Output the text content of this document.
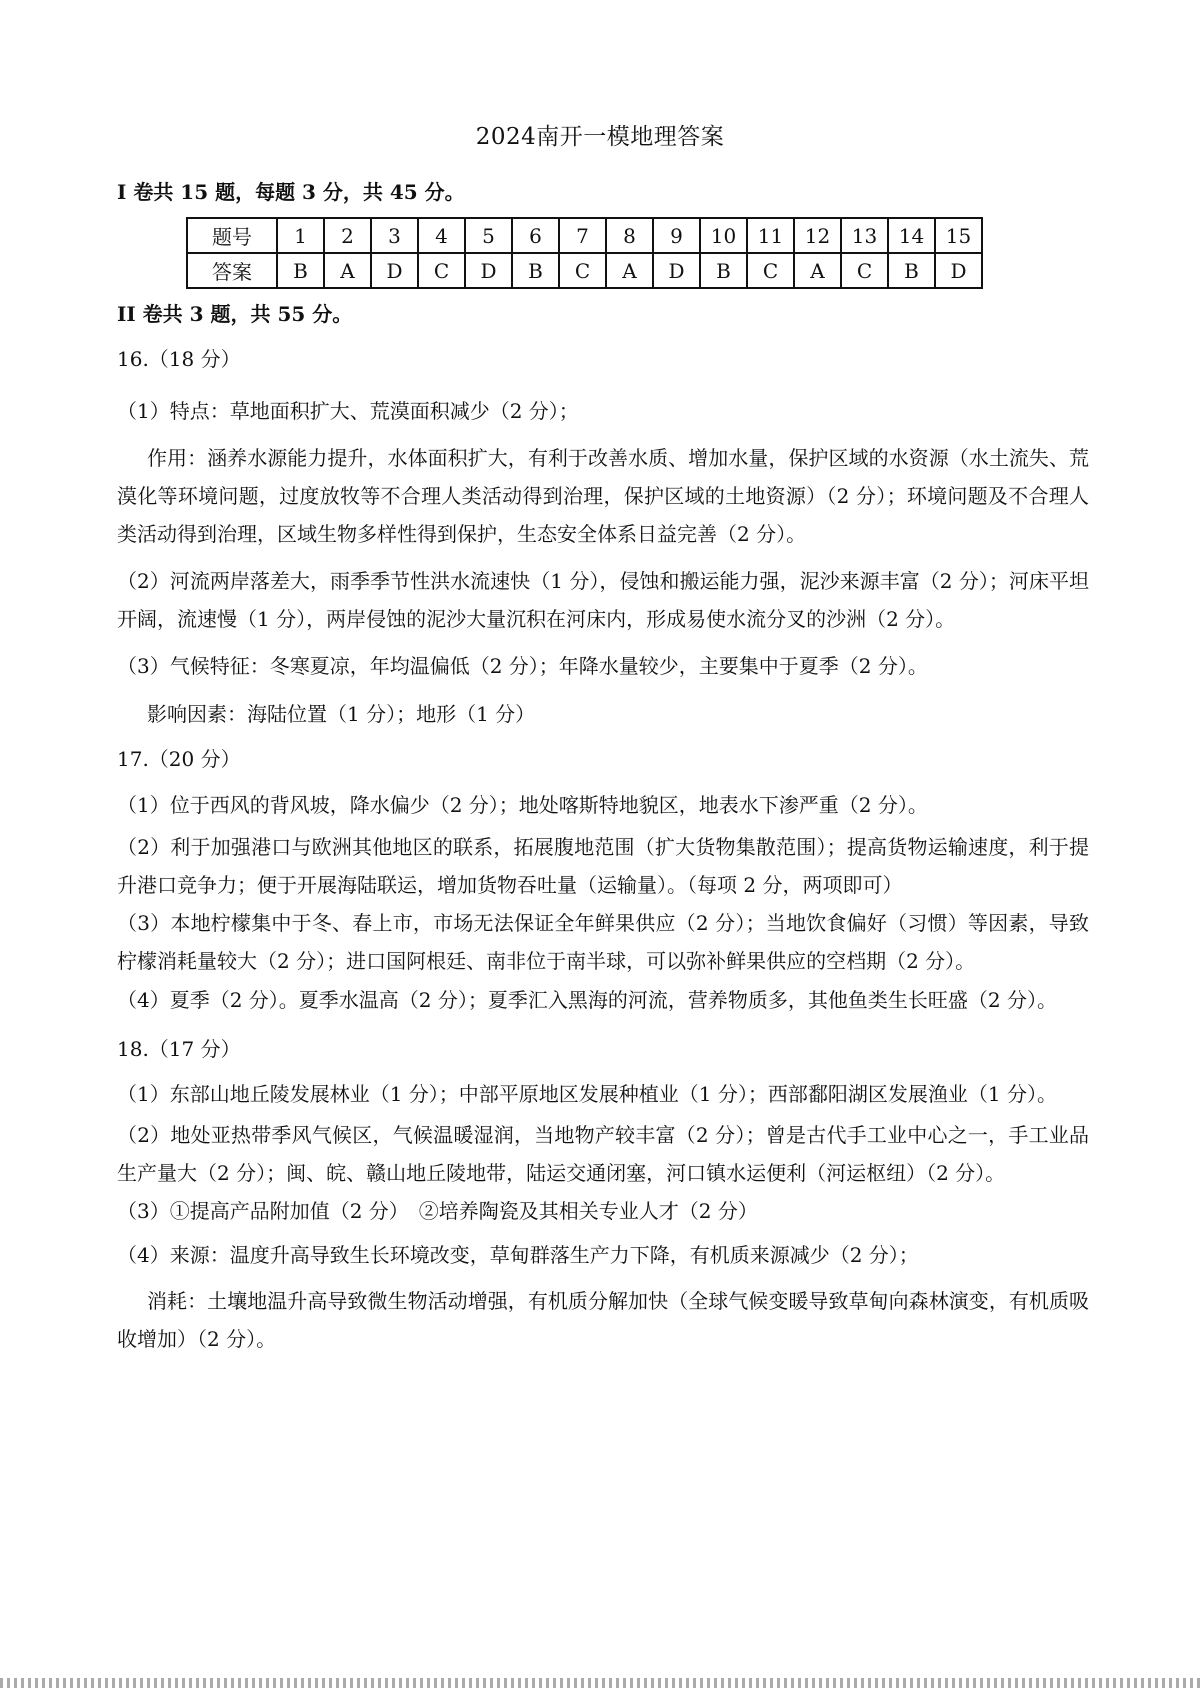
2024南开一模地理答案
I 卷共 15 题，每题 3 分，共 45 分。
题号	1	2	3	4	5	6	7	8	9	10	11	12	13	14	15
答案	B	A	D	C	D	B	C	A	D	B	C	A	C	B	D
II 卷共 3 题，共 55 分。
16.（18 分）
（1）特点：草地面积扩大、荒漠面积减少（2 分）；
作用：涵养水源能力提升，水体面积扩大，有利于改善水质、增加水量，保护区域的水资源（水土流失、荒漠化等环境问题，过度放牧等不合理人类活动得到治理，保护区域的土地资源）（2 分）；环境问题及不合理人类活动得到治理，区域生物多样性得到保护，生态安全体系日益完善（2 分）。
（2）河流两岸落差大，雨季季节性洪水流速快（1 分），侵蚀和搬运能力强，泥沙来源丰富（2 分）；河床平坦开阔，流速慢（1 分），两岸侵蚀的泥沙大量沉积在河床内，形成易使水流分叉的沙洲（2 分）。
（3）气候特征：冬寒夏凉，年均温偏低（2 分）；年降水量较少，主要集中于夏季（2 分）。
影响因素：海陆位置（1 分）；地形（1 分）
17.（20 分）
（1）位于西风的背风坡，降水偏少（2 分）；地处喀斯特地貌区，地表水下渗严重（2 分）。
（2）利于加强港口与欧洲其他地区的联系，拓展腹地范围（扩大货物集散范围）；提高货物运输速度，利于提升港口竞争力；便于开展海陆联运，增加货物吞吐量（运输量）。（每项 2 分，两项即可）
（3）本地柠檬集中于冬、春上市，市场无法保证全年鲜果供应（2 分）；当地饮食偏好（习惯）等因素，导致柠檬消耗量较大（2 分）；进口国阿根廷、南非位于南半球，可以弥补鲜果供应的空档期（2 分）。
（4）夏季（2 分）。夏季水温高（2 分）；夏季汇入黑海的河流，营养物质多，其他鱼类生长旺盛（2 分）。
18.（17 分）
（1）东部山地丘陵发展林业（1 分）；中部平原地区发展种植业（1 分）；西部鄱阳湖区发展渔业（1 分）。
（2）地处亚热带季风气候区，气候温暖湿润，当地物产较丰富（2 分）；曾是古代手工业中心之一，手工业品生产量大（2 分）；闽、皖、赣山地丘陵地带，陆运交通闭塞，河口镇水运便利（河运枢纽）（2 分）。
（3）①提高产品附加值（2 分）　②培养陶瓷及其相关专业人才（2 分）
（4）来源：温度升高导致生长环境改变，草甸群落生产力下降，有机质来源减少（2 分）；
消耗：土壤地温升高导致微生物活动增强，有机质分解加快（全球气候变暖导致草甸向森林演变，有机质吸收增加）（2 分）。
